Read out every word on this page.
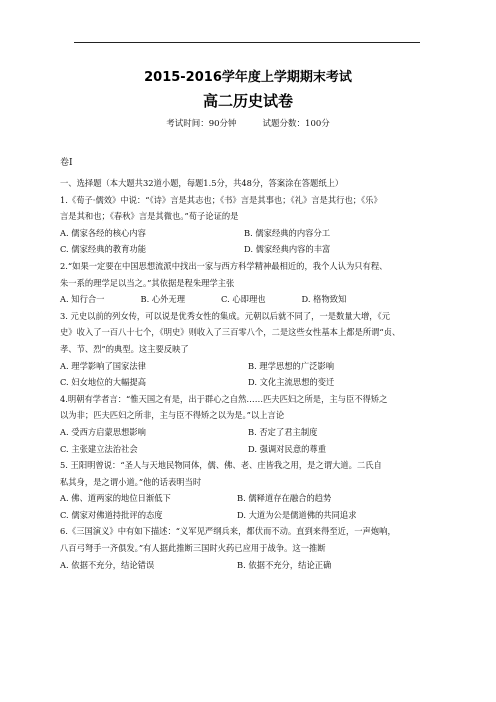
2015-2016学年度上学期期末考试
高二历史试卷
考试时间：90分钟	试题分数：100分
卷Ⅰ
一、选择题（本大题共32道小题，每题1.5分，共48分，答案涂在答题纸上）
1.《荀子·儒效》中说：“《诗》言是其志也；《书》言是其事也；《礼》言是其行也；《乐》
言是其和也；《春秋》言是其微也。”荀子论证的是
A. 儒家各经的核心内容	B. 儒家经典的内容分工
C. 儒家经典的教育功能	D. 儒家经典内容的丰富
2.“如果一定要在中国思想流派中找出一家与西方科学精神最相近的，我个人认为只有程、
朱一系的理学足以当之。”其依据是程朱理学主张
A. 知行合一	B. 心外无理	C. 心即理也	D. 格物致知
3. 元史以前的列女传，可以说是优秀女性的集成。元朝以后就不同了，一是数量大增，《元
史》收入了一百八十七个，《明史》则收入了三百零八个，二是这些女性基本上都是所谓“贞、
孝、节、烈”的典型。这主要反映了
A. 理学影响了国家法律	B. 理学思想的广泛影响
C. 妇女地位的大幅提高	D. 文化主流思想的变迁
4.明朝有学者言：“惟天国之有是，出于群心之自然……匹夫匹妇之所是，主与臣不得矫之
以为非；匹夫匹妇之所非，主与臣不得矫之以为是。”以上言论
A. 受西方启蒙思想影响	B. 否定了君主制度
C. 主张建立法治社会	D. 强调对民意的尊重
5. 王阳明曾说：“圣人与天地民物同体，儒、佛、老、庄皆我之用，是之谓大道。二氏自
私其身，是之谓小道。”他的话表明当时
A. 佛、道两家的地位日渐低下	B. 儒释道存在融合的趋势
C. 儒家对佛道持批评的态度	D. 大道为公是儒道佛的共同追求
6.《三国演义》中有如下描述：“义军见严纲兵来，都伏而不动。直到来得至近，一声炮响，
八百弓弩手一齐俱发。”有人据此推断三国时火药已应用于战争。这一推断
A. 依据不充分，结论错误	B. 依据不充分，结论正确
